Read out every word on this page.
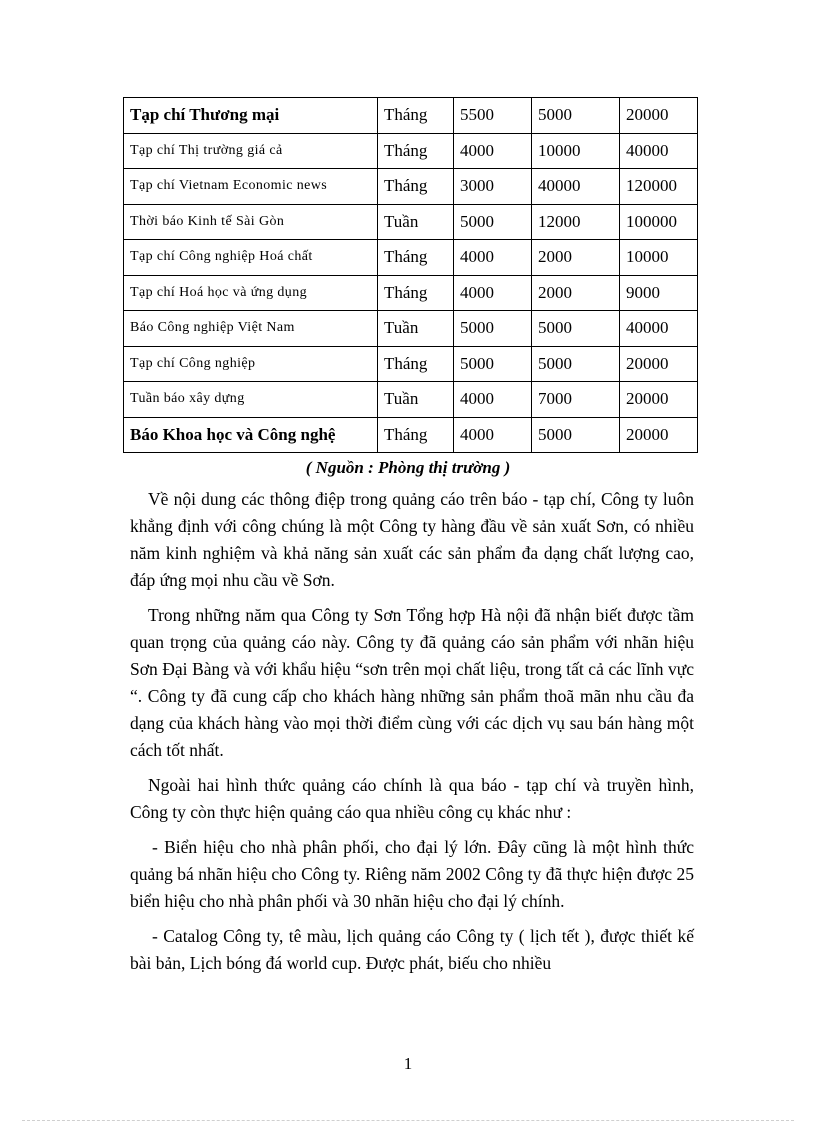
Tạp chí Thương mại	Tháng	5500	5000	20000
Tạp chí Thị trường giá cả	Tháng	4000	10000	40000
Tạp chí Vietnam Economic news	Tháng	3000	40000	120000
Thời báo Kinh tế Sài Gòn	Tuần	5000	12000	100000
Tạp chí Công nghiệp Hoá chất	Tháng	4000	2000	10000
Tạp chí Hoá học và ứng dụng	Tháng	4000	2000	9000
Báo Công nghiệp Việt Nam	Tuần	5000	5000	40000
Tạp chí Công nghiệp	Tháng	5000	5000	20000
Tuần báo xây dựng	Tuần	4000	7000	20000
Báo Khoa học và Công nghệ	Tháng	4000	5000	20000
( Nguồn : Phòng thị trường )

Về nội dung các thông điệp trong quảng cáo trên báo - tạp chí, Công ty luôn khẳng định với công chúng là một Công ty hàng đầu về sản xuất Sơn, có nhiều năm kinh nghiệm và khả năng sản xuất các sản phẩm đa dạng chất lượng cao, đáp ứng mọi nhu cầu về Sơn.

Trong những năm qua Công ty Sơn Tổng hợp Hà nội đã nhận biết được tầm quan trọng của quảng cáo này. Công ty đã quảng cáo sản phẩm với nhãn hiệu Sơn Đại Bàng và với khẩu hiệu “sơn trên mọi chất liệu, trong tất cả các lĩnh vực “. Công ty đã cung cấp cho khách hàng những sản phẩm thoã mãn nhu cầu đa dạng của khách hàng vào mọi thời điểm cùng với các dịch vụ sau bán hàng một cách tốt nhất.

Ngoài hai hình thức quảng cáo chính là qua báo - tạp chí và truyền hình, Công ty còn thực hiện quảng cáo qua nhiều công cụ khác như :

- Biển hiệu cho nhà phân phối, cho đại lý lớn. Đây cũng là một hình thức quảng bá nhãn hiệu cho Công ty. Riêng năm 2002 Công ty đã thực hiện được 25 biển hiệu cho nhà phân phối và 30 nhãn hiệu cho đại lý chính.

- Catalog Công ty, tê màu, lịch quảng cáo Công ty ( lịch tết ), được thiết kế bài bản, Lịch bóng đá world cup. Được phát, biếu cho nhiều

1
